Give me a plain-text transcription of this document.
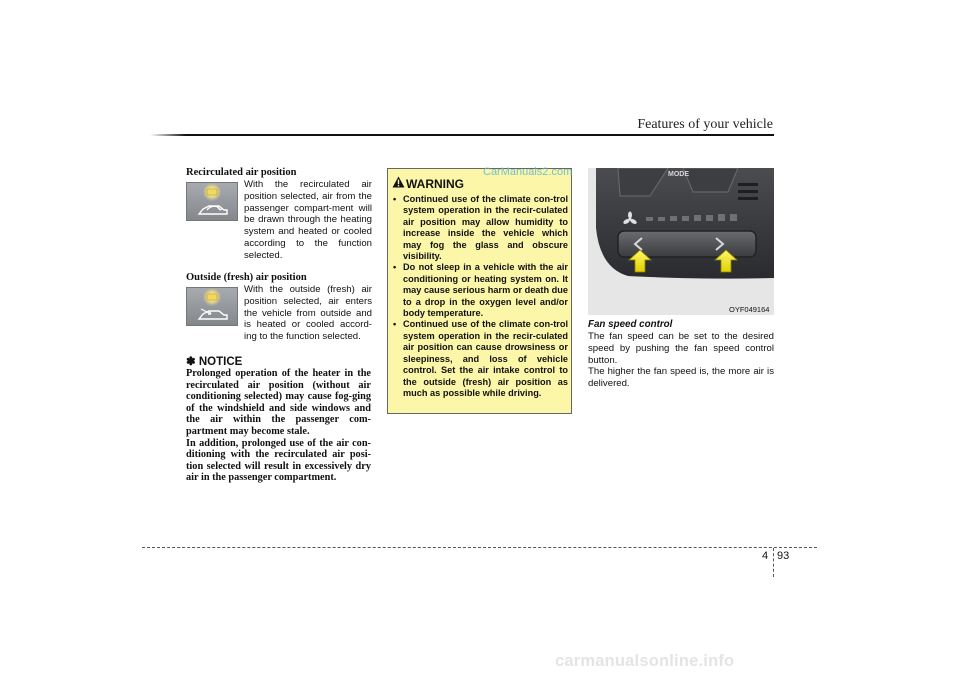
Features of your vehicle
Recirculated air position
With the recirculated air position selected, air from the passenger compart-ment will be drawn through the heating system and heated or cooled according to the function selected.
Outside (fresh) air position
With the outside (fresh) air position selected, air enters the vehicle from outside and is heated or cooled accord-ing to the function selected.
✽ NOTICE

Prolonged operation of the heater in the recirculated air position (without air conditioning selected) may cause fog-ging of the windshield and side windows and the air within the passenger com-partment may become stale.

In addition, prolonged use of the air con-ditioning with the recirculated air posi-tion selected will result in excessively dry air in the passenger compartment.

WARNING
• Continued use of the climate con-trol system operation in the recir-culated air position may allow humidity to increase inside the vehicle which may fog the glass and obscure visibility.
• Do not sleep in a vehicle with the air conditioning or heating system on. It may cause serious harm or death due to a drop in the oxygen level and/or body temperature.
• Continued use of the climate con-trol system operation in the recir-culated air position can cause drowsiness or sleepiness, and loss of vehicle control. Set the air intake control to the outside (fresh) air position as much as possible while driving.
CarManuals2.com	MODE
OYF049164
Fan speed control

The fan speed can be set to the desired speed by pushing the fan speed control button.

The higher the fan speed is, the more air is delivered.

4 93
carmanualsonline.info
